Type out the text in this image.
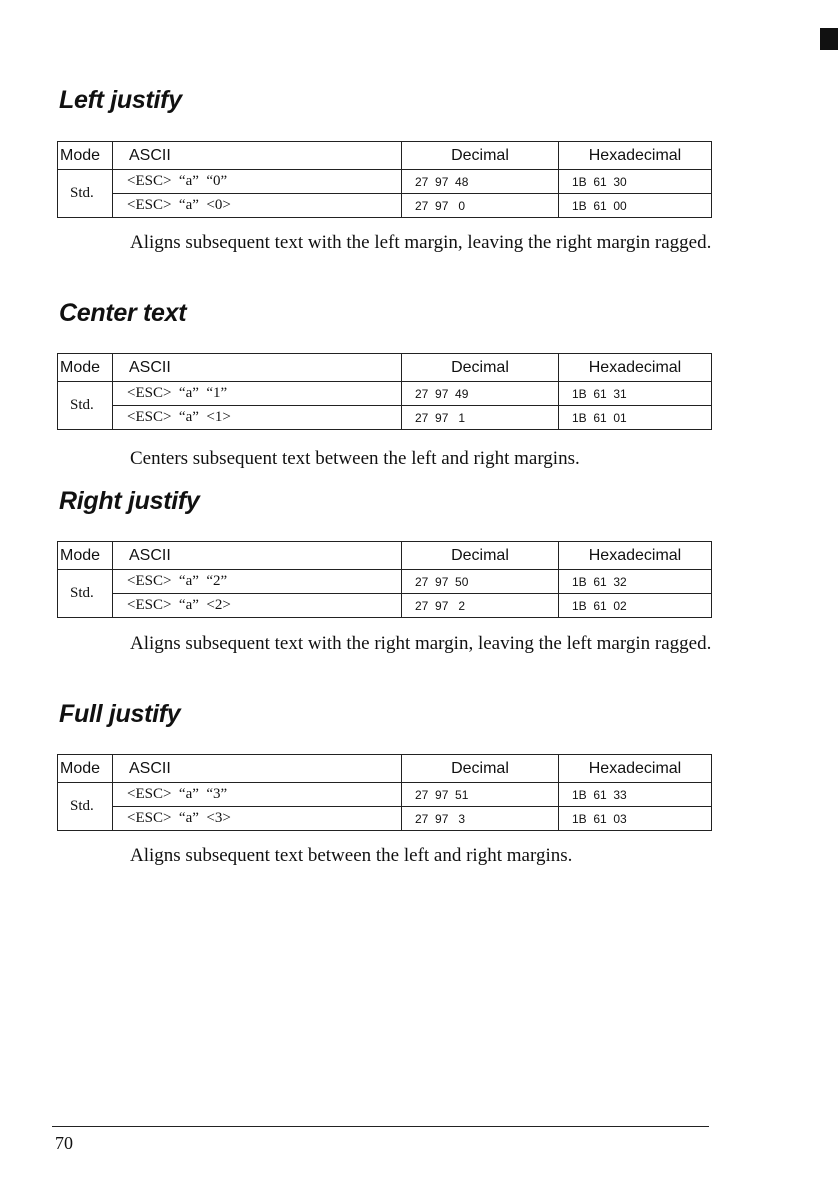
Left justify
Mode	ASCII	Decimal	Hexadecimal
Std.	<ESC>  “a”  “0”	27  97  48	1B  61  30
	<ESC>  “a”  <0>	27  97   0	1B  61  00

Aligns subsequent text with the left margin, leaving the right margin ragged.

Center text
Mode	ASCII	Decimal	Hexadecimal
Std.	<ESC>  “a”  “1”	27  97  49	1B  61  31
	<ESC>  “a”  <1>	27  97   1	1B  61  01

Centers subsequent text between the left and right margins.

Right justify
Mode	ASCII	Decimal	Hexadecimal
Std.	<ESC>  “a”  “2”	27  97  50	1B  61  32
	<ESC>  “a”  <2>	27  97   2	1B  61  02

Aligns subsequent text with the right margin, leaving the left margin ragged.

Full justify
Mode	ASCII	Decimal	Hexadecimal
Std.	<ESC>  “a”  “3”	27  97  51	1B  61  33
	<ESC>  “a”  <3>	27  97   3	1B  61  03

Aligns subsequent text between the left and right margins.

70
